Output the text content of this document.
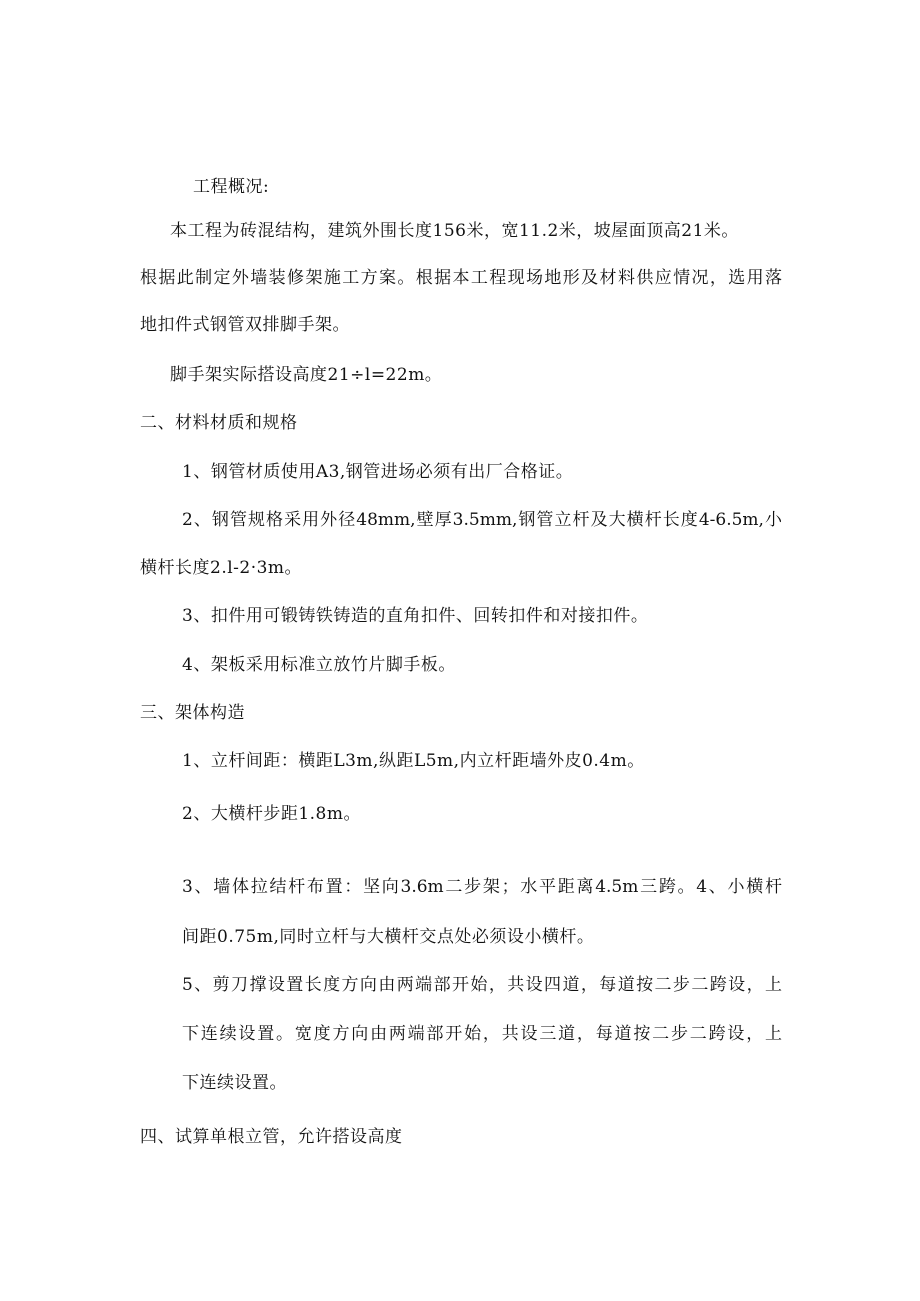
工程概况:
本工程为砖混结构，建筑外围长度156米，宽11.2米，坡屋面顶高21米。
根据此制定外墙装修架施工方案。根据本工程现场地形及材料供应情况，选用落
地扣件式钢管双排脚手架。
脚手架实际搭设高度21÷l=22m。
二、材料材质和规格
1、钢管材质使用A3,钢管进场必须有出厂合格证。
2、钢管规格采用外径48mm,壁厚3.5mm,钢管立杆及大横杆长度4-6.5m,小
横杆长度2.l-2·3m。
3、扣件用可锻铸铁铸造的直角扣件、回转扣件和对接扣件。
4、架板采用标准立放竹片脚手板。
三、架体构造
1、立杆间距：横距L3m,纵距L5m,内立杆距墙外皮0.4m。
2、大横杆步距1.8m。
3、墙体拉结杆布置：坚向3.6m二步架；水平距离4.5m三跨。4、小横杆
间距0.75m,同时立杆与大横杆交点处必须设小横杆。
5、剪刀撑设置长度方向由两端部开始，共设四道，每道按二步二跨设，上
下连续设置。宽度方向由两端部开始，共设三道，每道按二步二跨设，上
下连续设置。
四、试算单根立管，允许搭设高度
